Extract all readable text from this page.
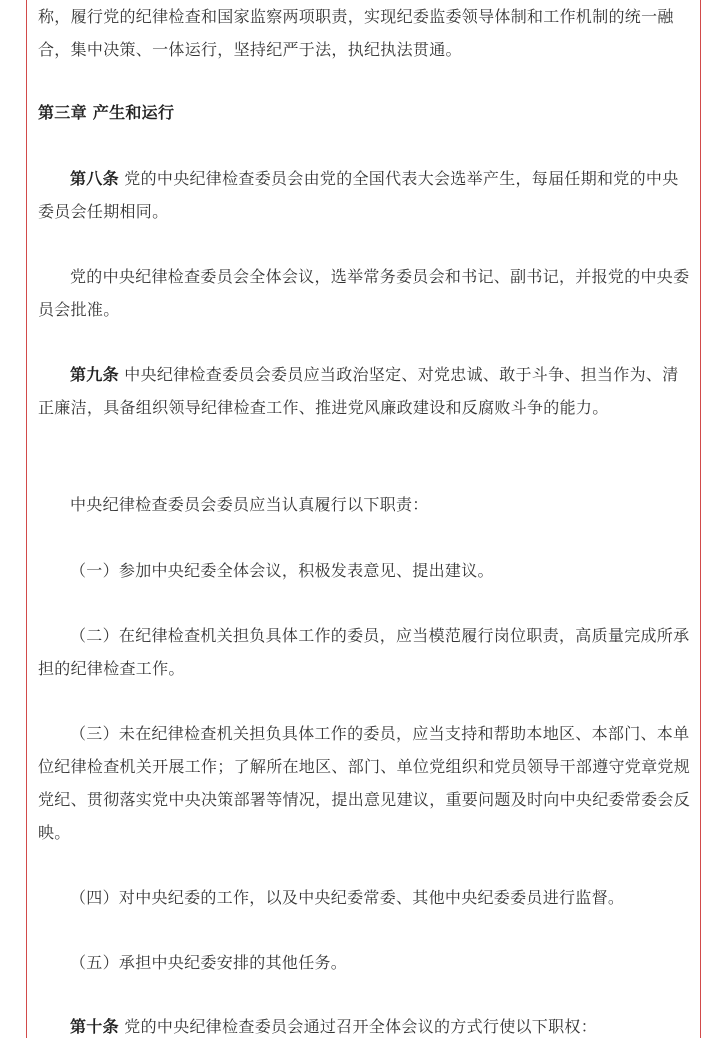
称，履行党的纪律检查和国家监察两项职责，实现纪委监委领导体制和工作机制的统一融合，集中决策、一体运行，坚持纪严于法，执纪执法贯通。

第三章 产生和运行

第八条 党的中央纪律检查委员会由党的全国代表大会选举产生，每届任期和党的中央委员会任期相同。

党的中央纪律检查委员会全体会议，选举常务委员会和书记、副书记，并报党的中央委员会批准。

第九条 中央纪律检查委员会委员应当政治坚定、对党忠诚、敢于斗争、担当作为、清正廉洁，具备组织领导纪律检查工作、推进党风廉政建设和反腐败斗争的能力。

中央纪律检查委员会委员应当认真履行以下职责：

（一）参加中央纪委全体会议，积极发表意见、提出建议。

（二）在纪律检查机关担负具体工作的委员，应当模范履行岗位职责，高质量完成所承担的纪律检查工作。

（三）未在纪律检查机关担负具体工作的委员，应当支持和帮助本地区、本部门、本单位纪律检查机关开展工作；了解所在地区、部门、单位党组织和党员领导干部遵守党章党规党纪、贯彻落实党中央决策部署等情况，提出意见建议，重要问题及时向中央纪委常委会反映。

（四）对中央纪委的工作，以及中央纪委常委、其他中央纪委委员进行监督。

（五）承担中央纪委安排的其他任务。

第十条 党的中央纪律检查委员会通过召开全体会议的方式行使以下职权：
